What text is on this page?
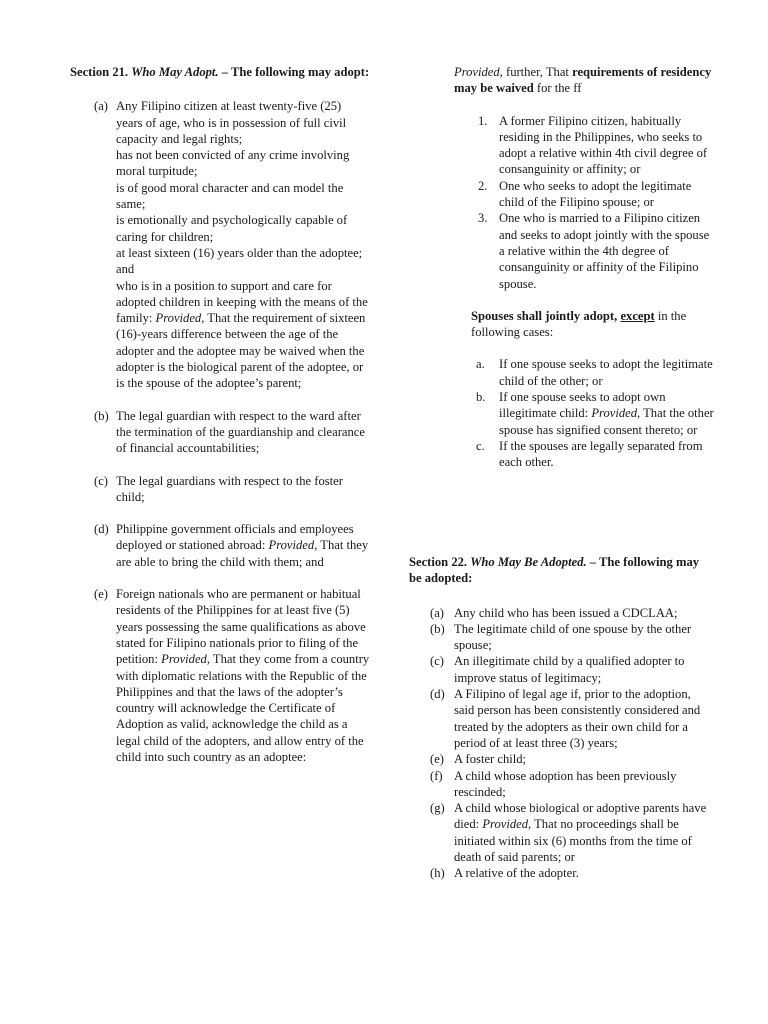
Section 21. Who May Adopt. – The following may adopt:

(a) Any Filipino citizen at least twenty-five (25) years of age, who is in possession of full civil capacity and legal rights;
has not been convicted of any crime involving moral turpitude;
is of good moral character and can model the same;
is emotionally and psychologically capable of caring for children;
at least sixteen (16) years older than the adoptee; and
who is in a position to support and care for adopted children in keeping with the means of the family: Provided, That the requirement of sixteen (16)-years difference between the age of the adopter and the adoptee may be waived when the adopter is the biological parent of the adoptee, or is the spouse of the adoptee’s parent;
(b) The legal guardian with respect to the ward after the termination of the guardianship and clearance of financial accountabilities;
(c) The legal guardians with respect to the foster child;
(d) Philippine government officials and employees deployed or stationed abroad: Provided, That they are able to bring the child with them; and
(e) Foreign nationals who are permanent or habitual residents of the Philippines for at least five (5) years possessing the same qualifications as above stated for Filipino nationals prior to filing of the petition: Provided, That they come from a country with diplomatic relations with the Republic of the Philippines and that the laws of the adopter’s country will acknowledge the Certificate of Adoption as valid, acknowledge the child as a legal child of the adopters, and allow entry of the child into such country as an adoptee:

Provided, further, That requirements of residency may be waived for the ff

1. A former Filipino citizen, habitually residing in the Philippines, who seeks to adopt a relative within 4th civil degree of consanguinity or affinity; or
2. One who seeks to adopt the legitimate child of the Filipino spouse; or
3. One who is married to a Filipino citizen and seeks to adopt jointly with the spouse a relative within the 4th degree of consanguinity or affinity of the Filipino spouse.

Spouses shall jointly adopt, except in the following cases:

a. If one spouse seeks to adopt the legitimate child of the other; or
b. If one spouse seeks to adopt own illegitimate child: Provided, That the other spouse has signified consent thereto; or
c. If the spouses are legally separated from each other.

Section 22. Who May Be Adopted. – The following may be adopted:

(a) Any child who has been issued a CDCLAA;
(b) The legitimate child of one spouse by the other spouse;
(c) An illegitimate child by a qualified adopter to improve status of legitimacy;
(d) A Filipino of legal age if, prior to the adoption, said person has been consistently considered and treated by the adopters as their own child for a period of at least three (3) years;
(e) A foster child;
(f) A child whose adoption has been previously rescinded;
(g) A child whose biological or adoptive parents have died: Provided, That no proceedings shall be initiated within six (6) months from the time of death of said parents; or
(h) A relative of the adopter.
